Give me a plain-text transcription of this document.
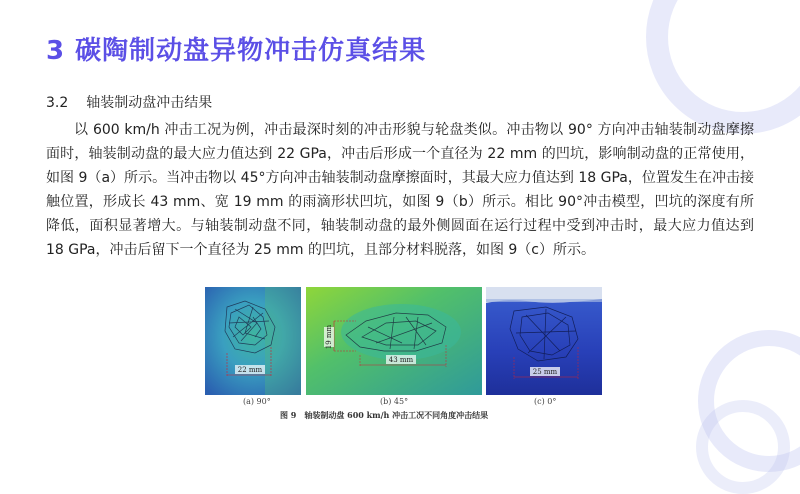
3 碳陶制动盘异物冲击仿真结果
3.2 轴装制动盘冲击结果
以 600 km/h 冲击工况为例，冲击最深时刻的冲击形貌与轮盘类似。冲击物以 90° 方向冲击轴装制动盘摩擦面时，轴装制动盘的最大应力值达到 22 GPa，冲击后形成一个直径为 22 mm 的凹坑，影响制动盘的正常使用，如图 9（a）所示。当冲击物以 45°方向冲击轴装制动盘摩擦面时，其最大应力值达到 18 GPa，位置发生在冲击接触位置，形成长 43 mm、宽 19 mm 的雨滴形状凹坑，如图 9（b）所示。相比 90°冲击模型，凹坑的深度有所降低，面积显著增大。与轴装制动盘不同，轴装制动盘的最外侧圆面在运行过程中受到冲击时，最大应力值达到 18 GPa，冲击后留下一个直径为 25 mm 的凹坑，且部分材料脱落，如图 9（c）所示。
22 mm
(a) 90°
19 mm
43 mm
(b) 45°
25 mm
(c) 0°
图 9　轴装制动盘 600 km/h 冲击工况不同角度冲击结果
